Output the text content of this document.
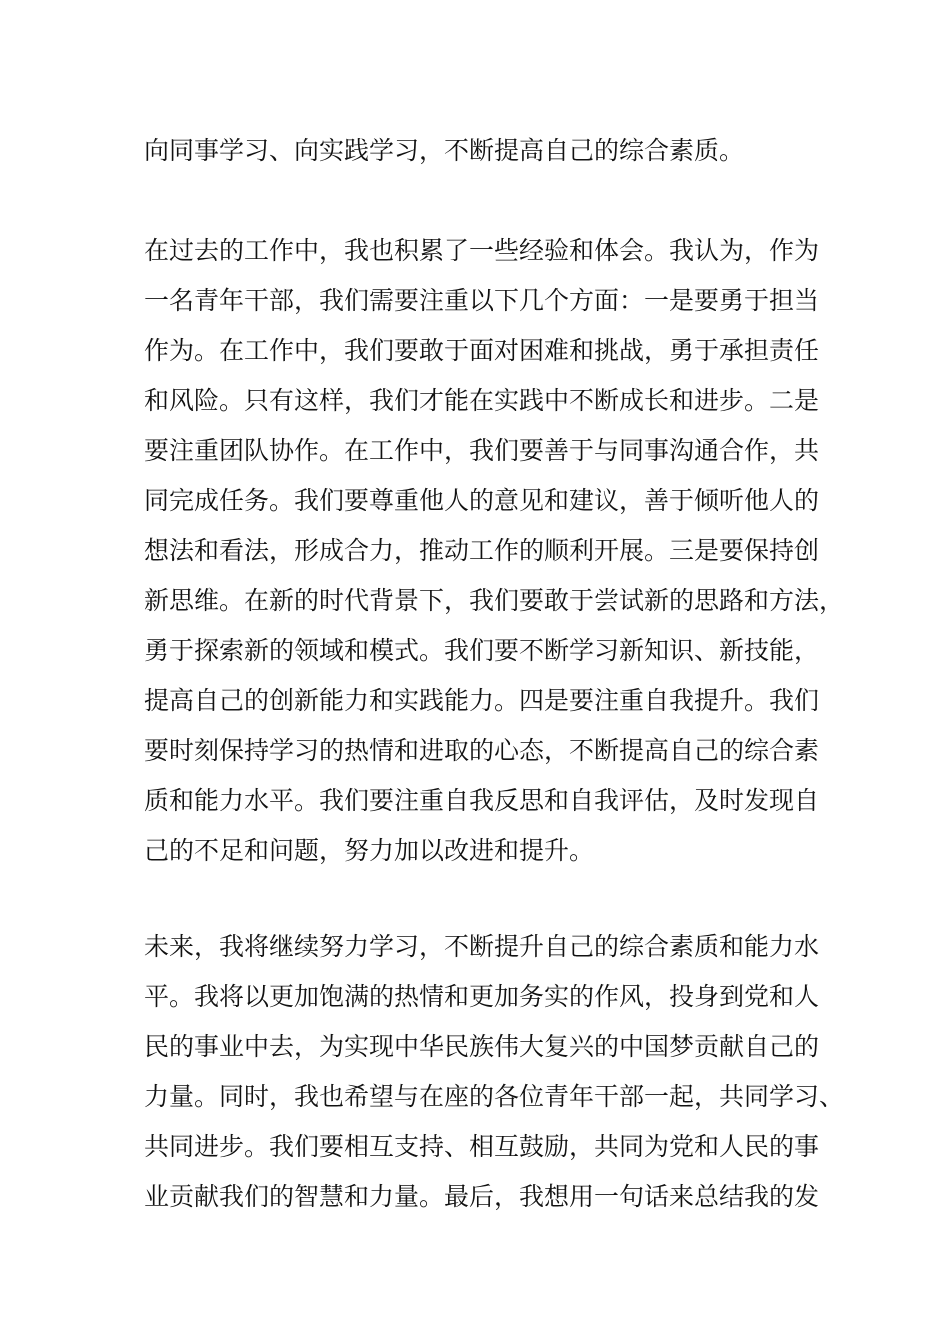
向同事学习、向实践学习，不断提高自己的综合素质。
在过去的工作中，我也积累了一些经验和体会。我认为，作为
一名青年干部，我们需要注重以下几个方面：一是要勇于担当
作为。在工作中，我们要敢于面对困难和挑战，勇于承担责任
和风险。只有这样，我们才能在实践中不断成长和进步。二是
要注重团队协作。在工作中，我们要善于与同事沟通合作，共
同完成任务。我们要尊重他人的意见和建议，善于倾听他人的
想法和看法，形成合力，推动工作的顺利开展。三是要保持创
新思维。在新的时代背景下，我们要敢于尝试新的思路和方法，
勇于探索新的领域和模式。我们要不断学习新知识、新技能，
提高自己的创新能力和实践能力。四是要注重自我提升。我们
要时刻保持学习的热情和进取的心态，不断提高自己的综合素
质和能力水平。我们要注重自我反思和自我评估，及时发现自
己的不足和问题，努力加以改进和提升。
未来，我将继续努力学习，不断提升自己的综合素质和能力水
平。我将以更加饱满的热情和更加务实的作风，投身到党和人
民的事业中去，为实现中华民族伟大复兴的中国梦贡献自己的
力量。同时，我也希望与在座的各位青年干部一起，共同学习、
共同进步。我们要相互支持、相互鼓励，共同为党和人民的事
业贡献我们的智慧和力量。最后，我想用一句话来总结我的发
